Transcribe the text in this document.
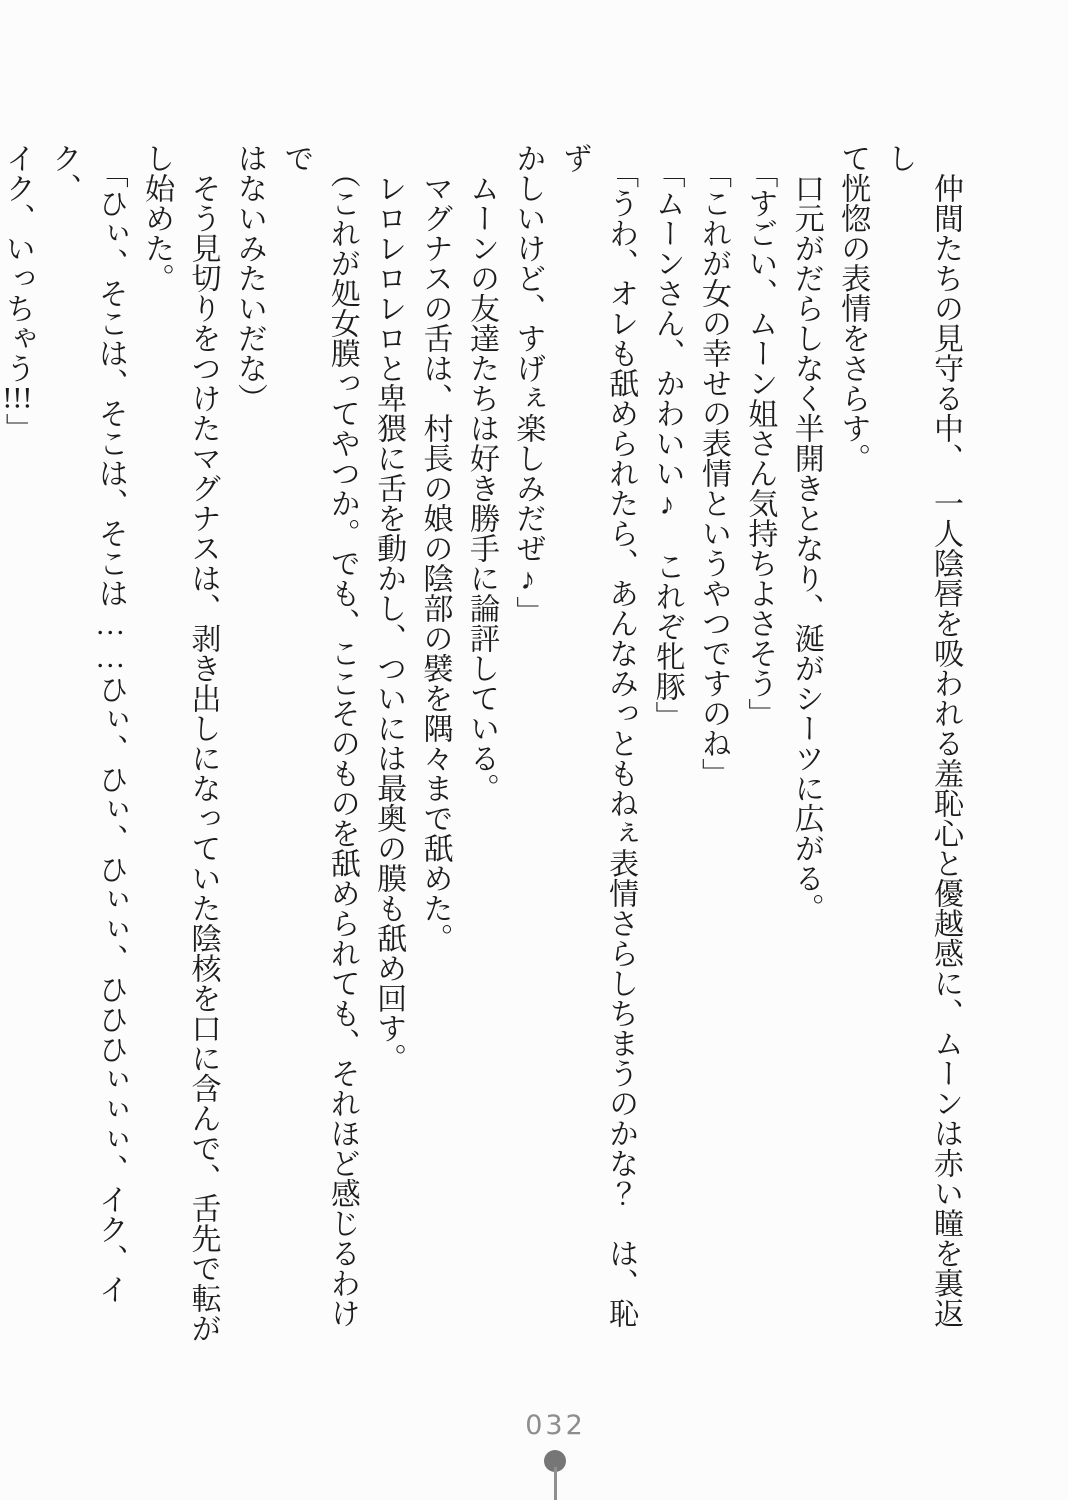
仲間たちの見守る中、　一人陰唇を吸われる羞恥心と優越感に、ムーンは赤い瞳を裏返し

て恍惚の表情をさらす。

口元がだらしなく半開きとなり、涎がシーツに広がる。

「すごい、ムーン姐さん気持ちよさそう」

「これが女の幸せの表情というやつですのね」

「ムーンさん、かわいい♪　これぞ牝豚」

「うわ、オレも舐められたら、あんなみっともねぇ表情さらしちまうのかな？　は、恥ず

かしいけど、すげぇ楽しみだぜ♪」

ムーンの友達たちは好き勝手に論評している。

マグナスの舌は、村長の娘の陰部の襞を隅々まで舐めた。

レロレロレロと卑猥に舌を動かし、ついには最奥の膜も舐め回す。

（これが処女膜ってやつか。でも、ここそのものを舐められても、それほど感じるわけで

はないみたいだな）

そう見切りをつけたマグナスは、剥き出しになっていた陰核を口に含んで、舌先で転が

し始めた。

「ひぃ、そこは、そこは、そこは……ひぃ、ひぃ、ひぃぃ、ひひひぃぃぃ、イク、イク、

イク、いっちゃう!!!」

032
